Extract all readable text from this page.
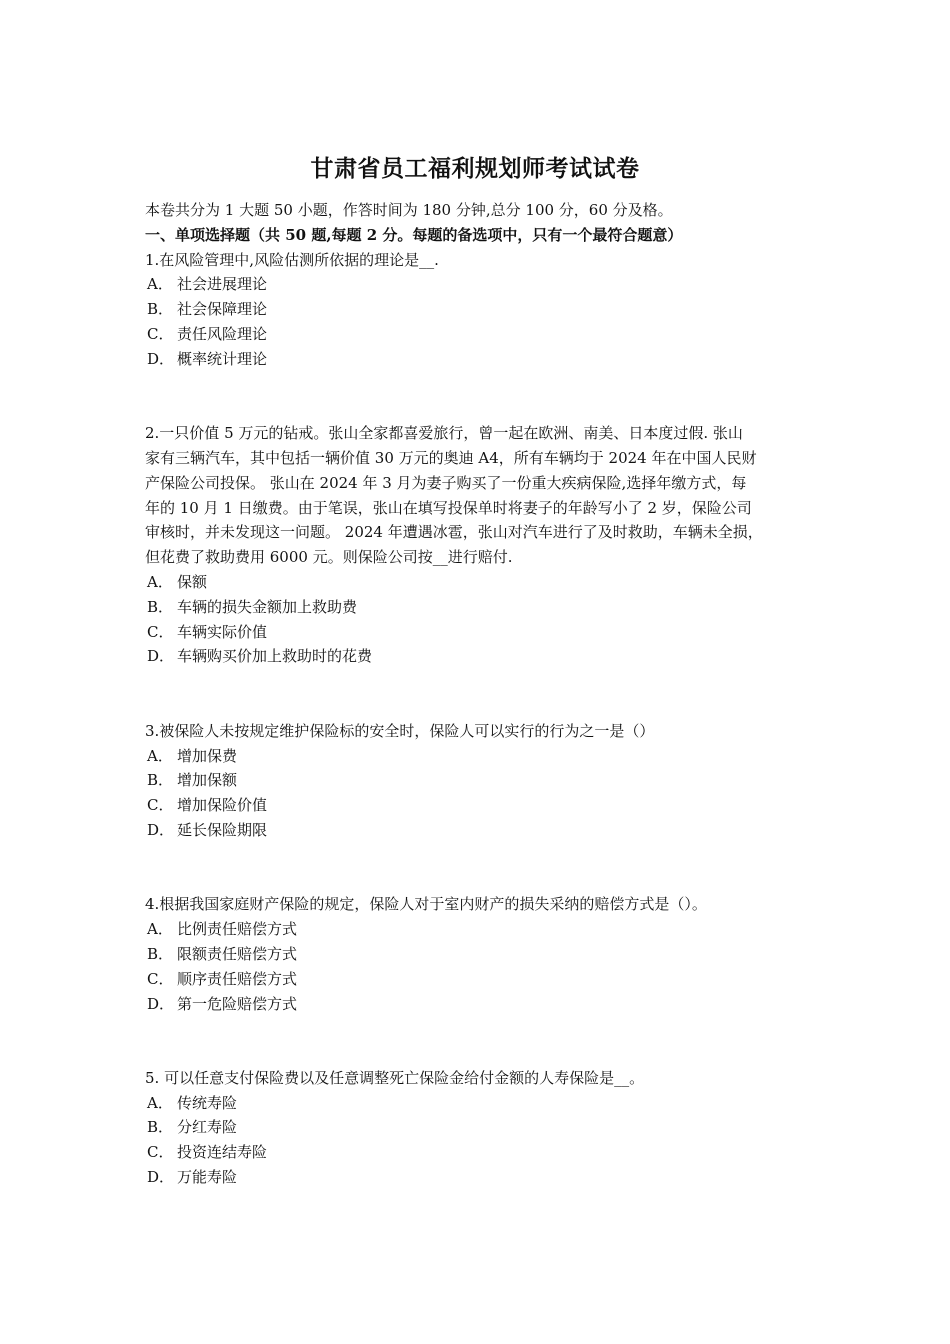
甘肃省员工福利规划师考试试卷
本卷共分为 1 大题 50 小题，作答时间为 180 分钟,总分 100 分，60 分及格。
一、单项选择题（共 50 题,每题 2 分。每题的备选项中，只有一个最符合题意）
1.在风险管理中,风险估测所依据的理论是__.
A． 社会进展理论
B． 社会保障理论
C． 责任风险理论
D． 概率统计理论
2.一只价值 5 万元的钻戒。张山全家都喜爱旅行，曾一起在欧洲、南美、日本度过假. 张山
家有三辆汽车，其中包括一辆价值 30 万元的奥迪 A4，所有车辆均于 2024 年在中国人民财
产保险公司投保。 张山在 2024 年 3 月为妻子购买了一份重大疾病保险,选择年缴方式，每
年的 10 月 1 日缴费。由于笔误，张山在填写投保单时将妻子的年龄写小了 2 岁，保险公司
审核时，并未发现这一问题。 2024 年遭遇冰雹，张山对汽车进行了及时救助，车辆未全损，
但花费了救助费用 6000 元。则保险公司按__进行赔付.
A． 保额
B． 车辆的损失金额加上救助费
C． 车辆实际价值
D． 车辆购买价加上救助时的花费
3.被保险人未按规定维护保险标的安全时，保险人可以实行的行为之一是（）
A． 增加保费
B． 增加保额
C． 增加保险价值
D． 延长保险期限
4.根据我国家庭财产保险的规定，保险人对于室内财产的损失采纳的赔偿方式是（）。
A． 比例责任赔偿方式
B． 限额责任赔偿方式
C． 顺序责任赔偿方式
D． 第一危险赔偿方式
5. 可以任意支付保险费以及任意调整死亡保险金给付金额的人寿保险是__。
A． 传统寿险
B． 分红寿险
C． 投资连结寿险
D． 万能寿险
